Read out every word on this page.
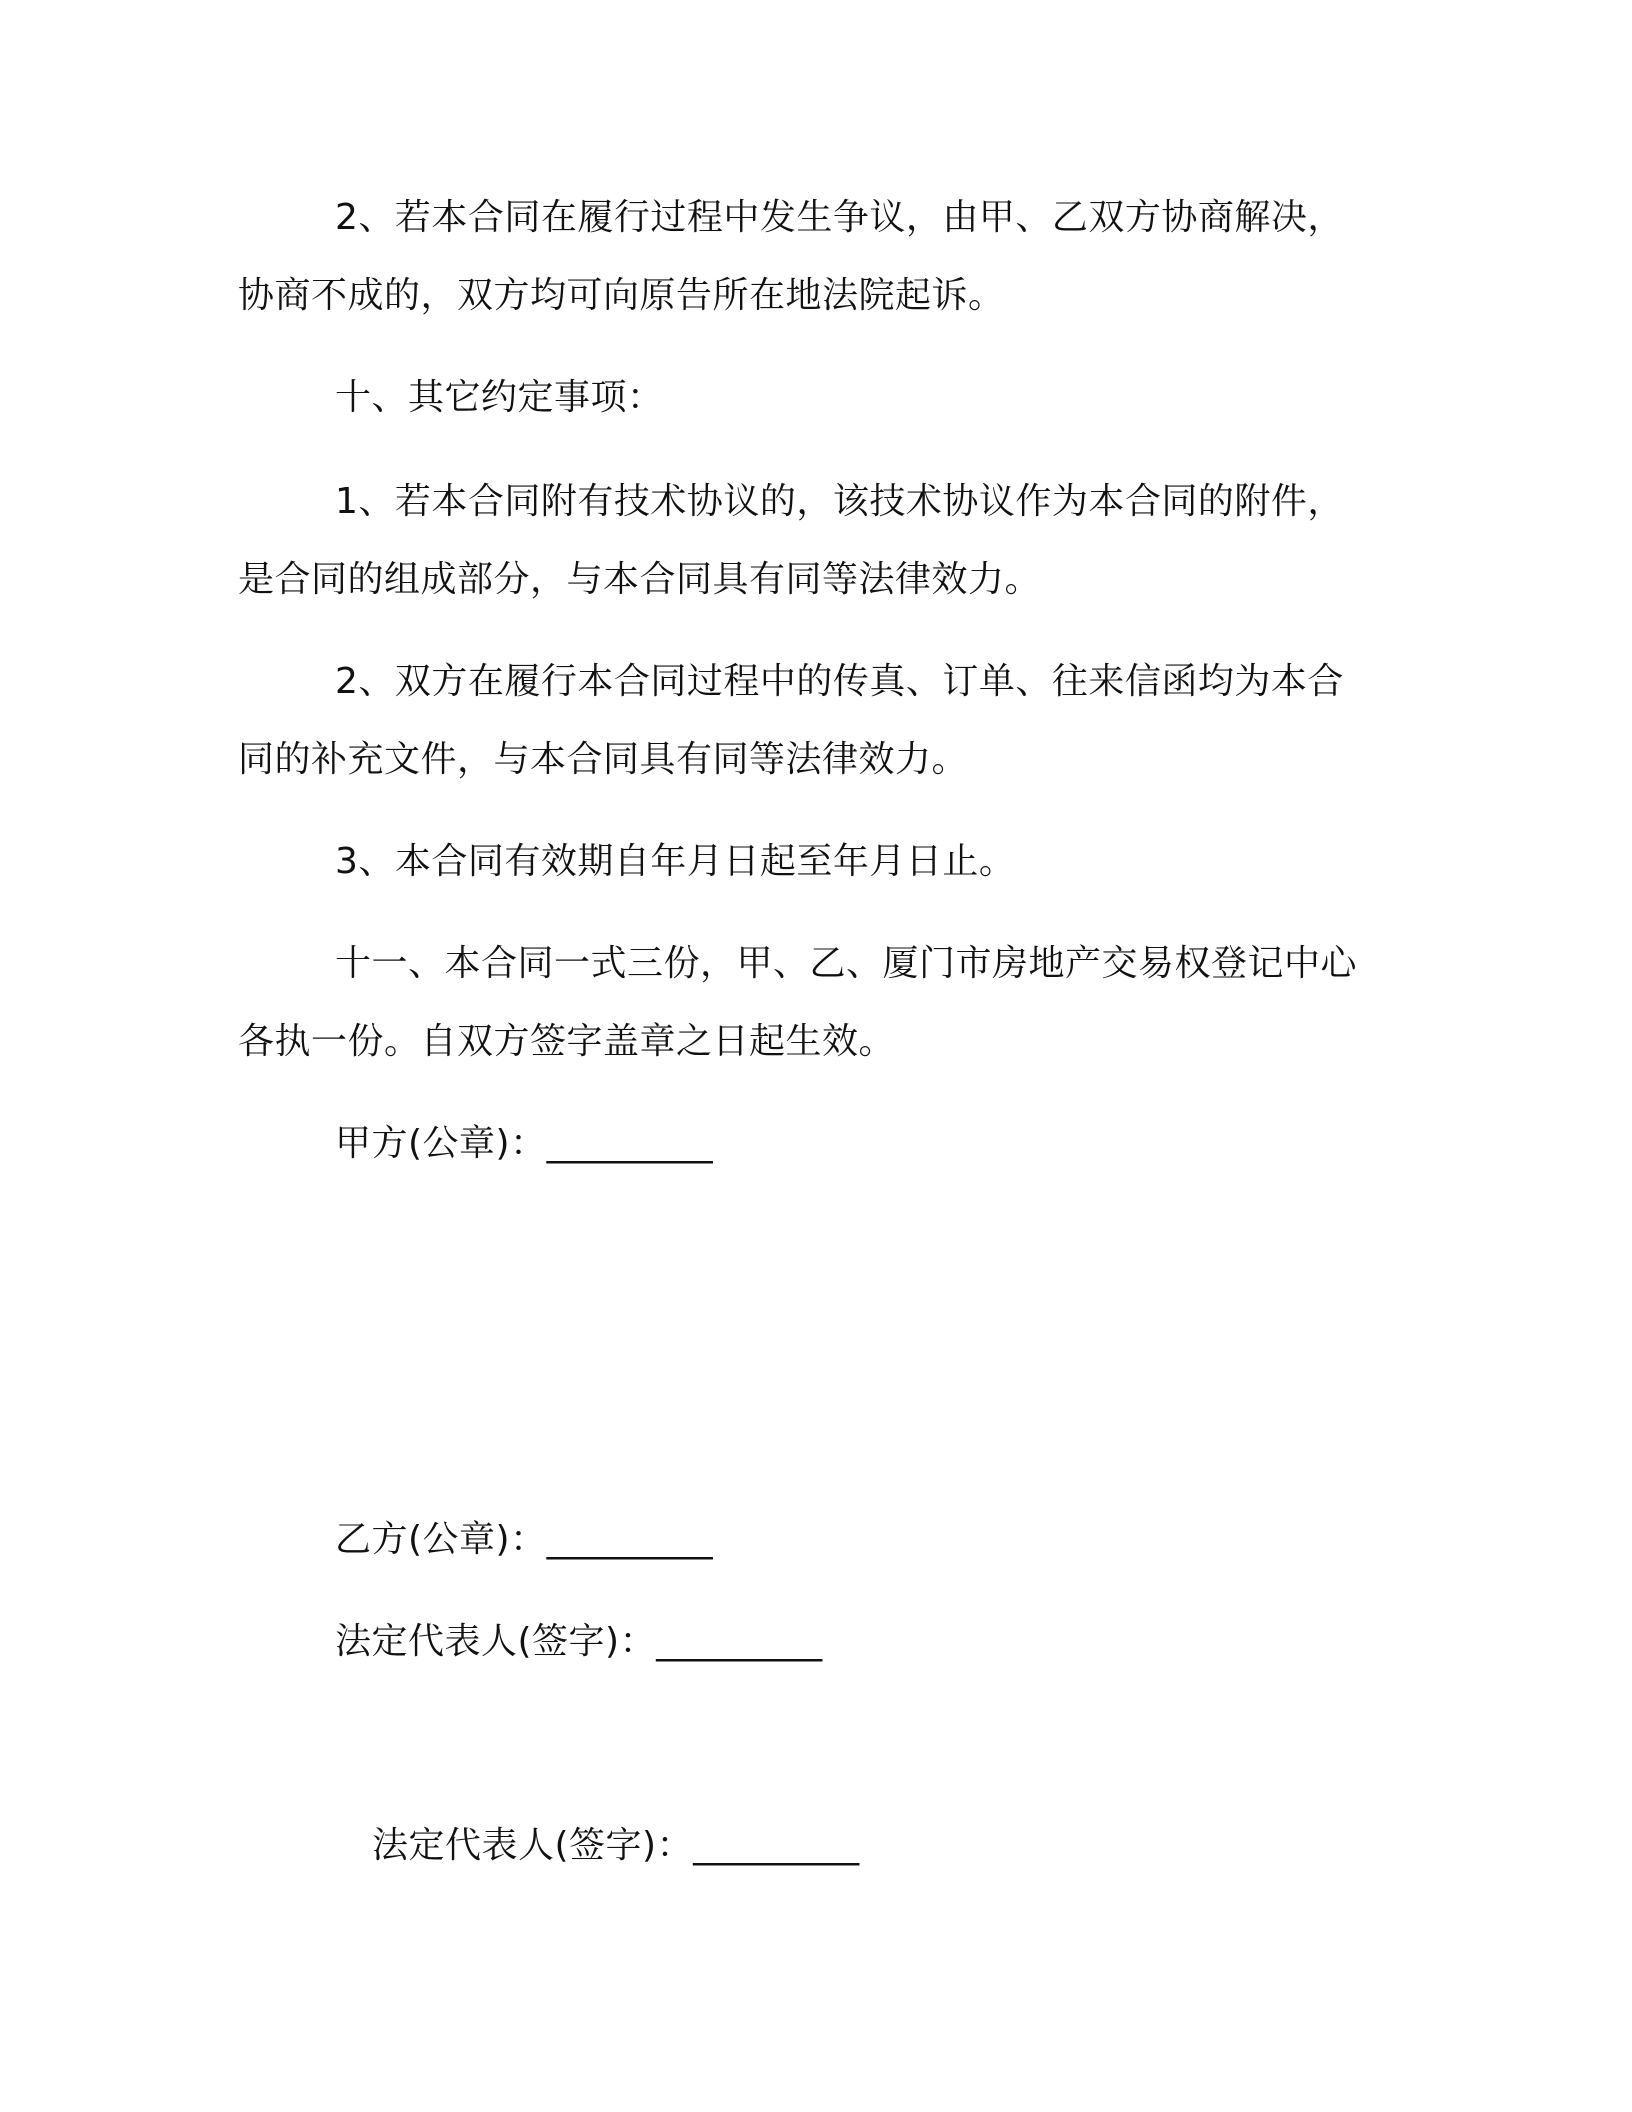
2、若本合同在履行过程中发生争议，由甲、乙双方协商解决，
协商不成的，双方均可向原告所在地法院起诉。
十、其它约定事项：
1、若本合同附有技术协议的，该技术协议作为本合同的附件，
是合同的组成部分，与本合同具有同等法律效力。
2、双方在履行本合同过程中的传真、订单、往来信函均为本合
同的补充文件，与本合同具有同等法律效力。
3、本合同有效期自年月日起至年月日止。
十一、本合同一式三份，甲、乙、厦门市房地产交易权登记中心
各执一份。自双方签字盖章之日起生效。
甲方(公章)：_________
乙方(公章)：_________
法定代表人(签字)：_________
法定代表人(签字)：_________
